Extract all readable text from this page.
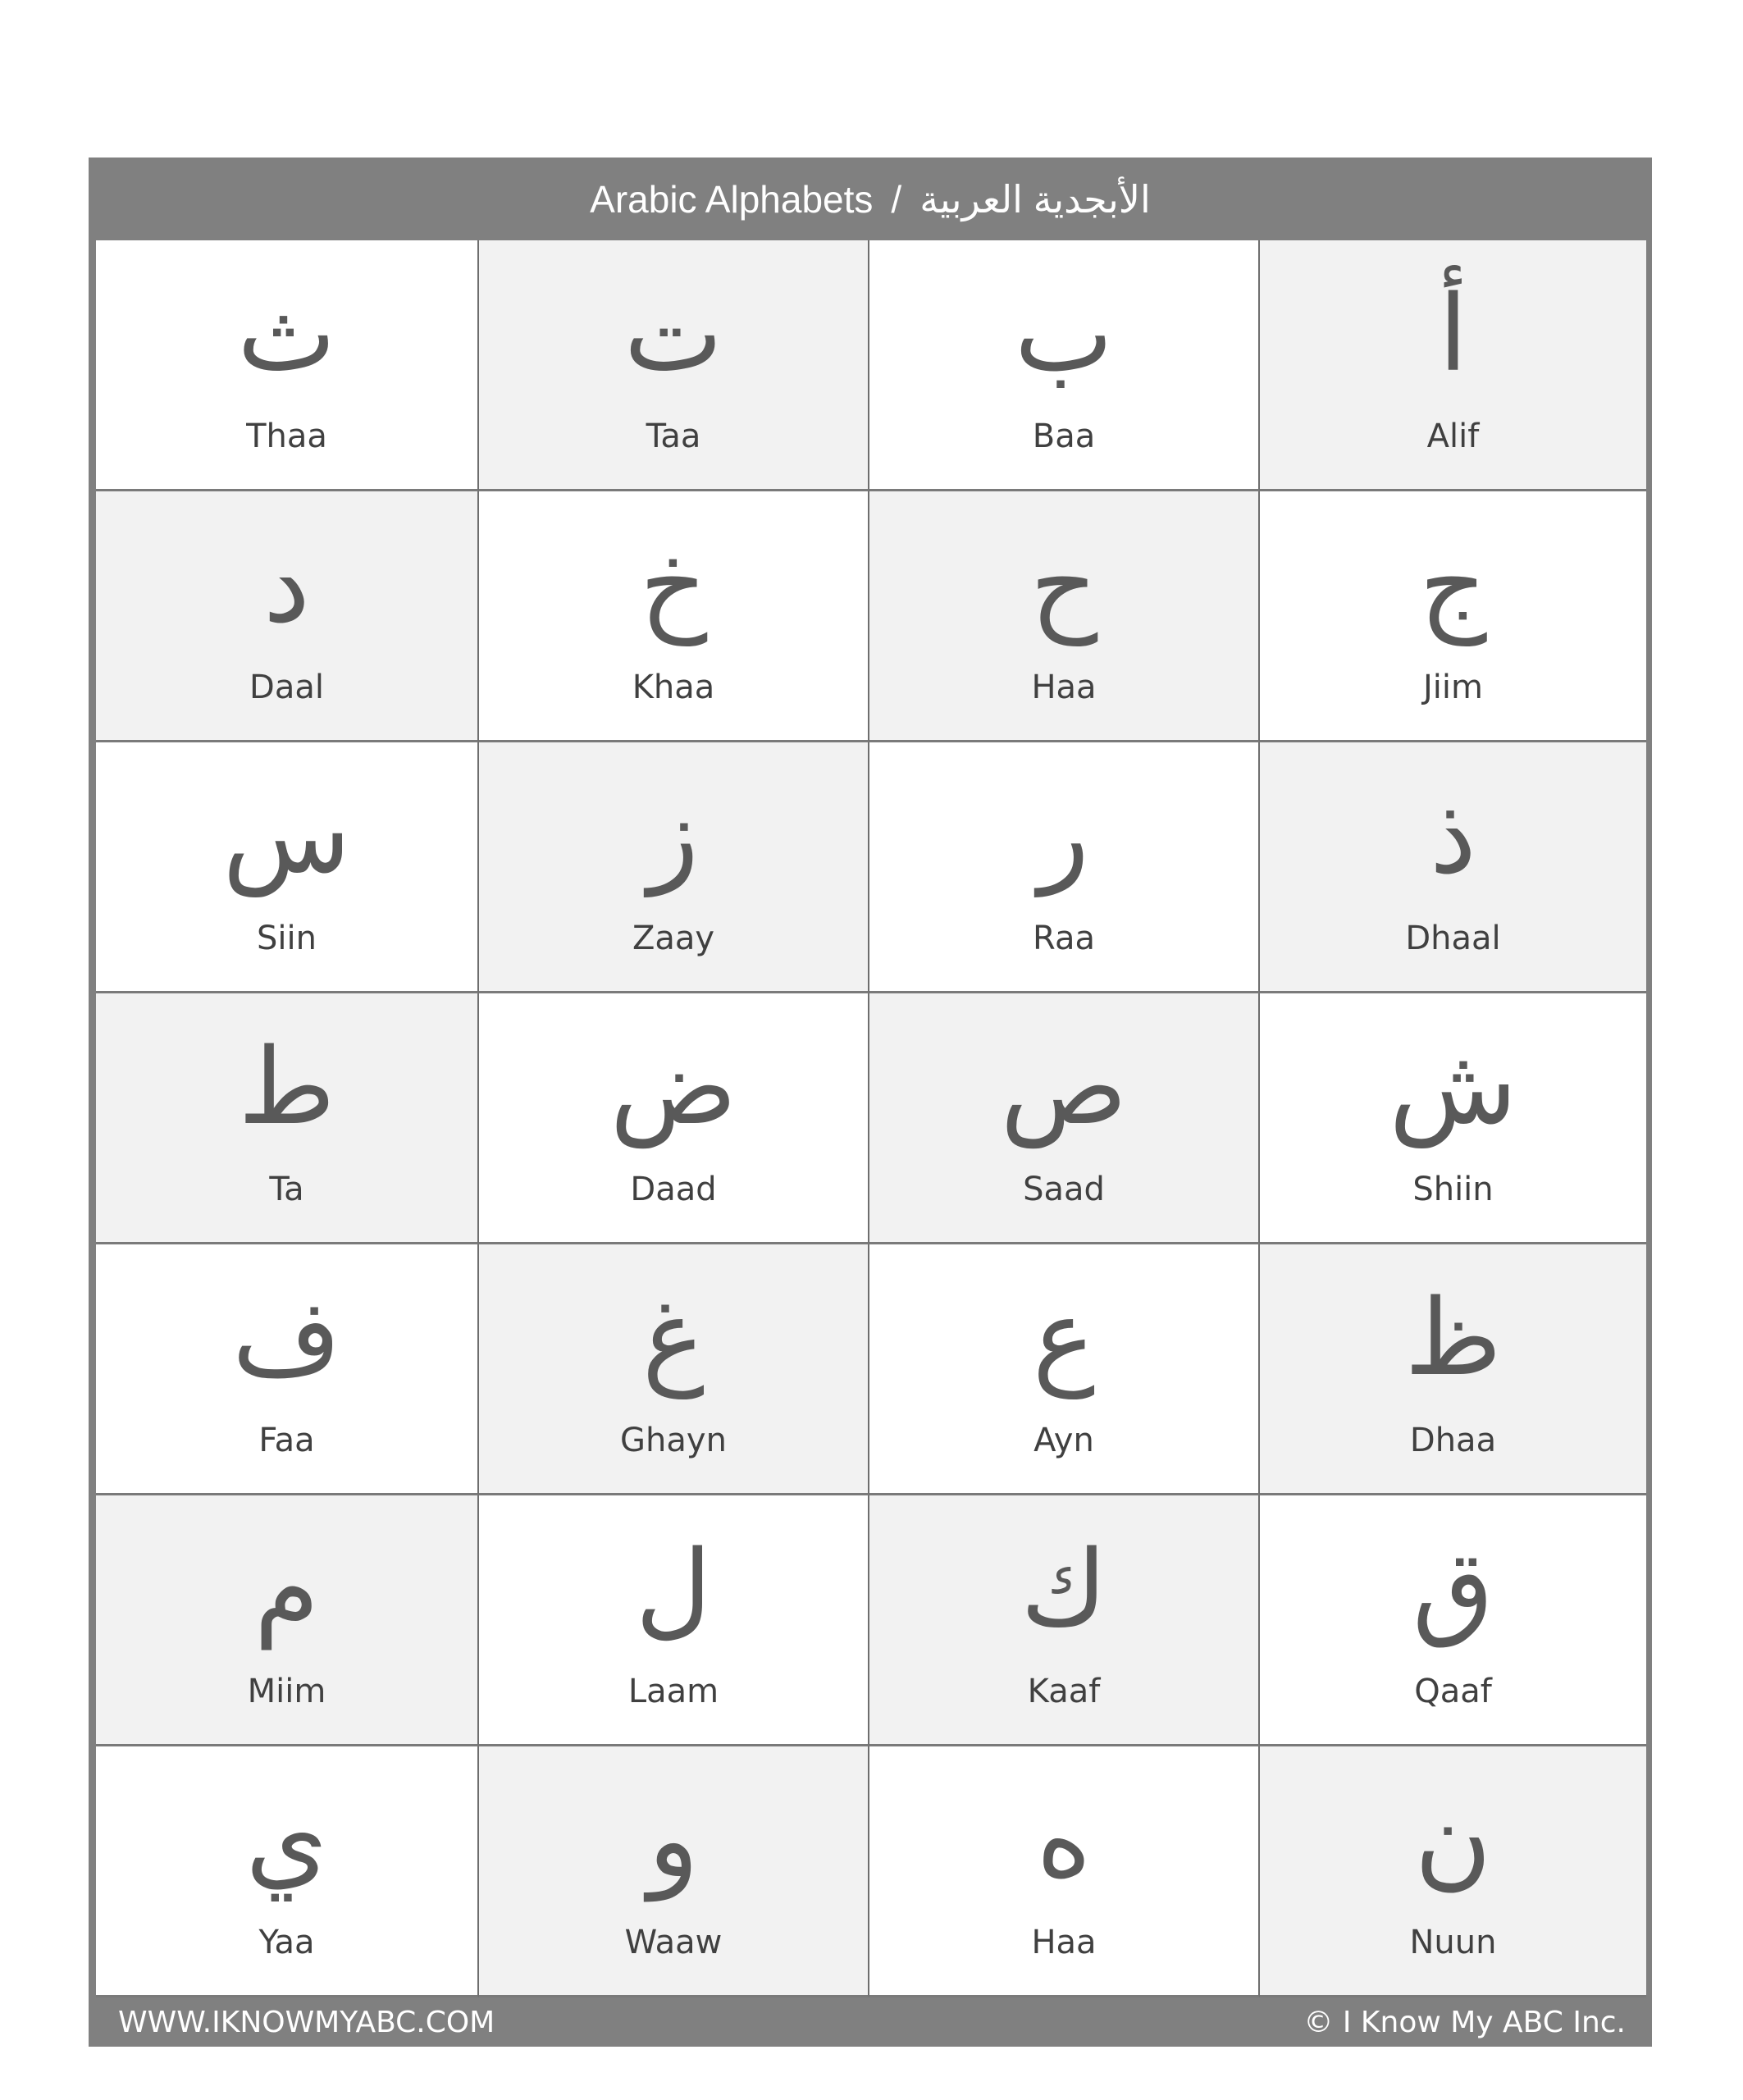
Arabic Alphabets / الأبجدية العربية
ث
Thaa
ت
Taa
ب
Baa
أ
Alif
د
Daal
خ
Khaa
ح
Haa
ج
Jiim
س
Siin
ز
Zaay
ر
Raa
ذ
Dhaal
ط
Ta
ض
Daad
ص
Saad
ش
Shiin
ف
Faa
غ
Ghayn
ع
Ayn
ظ
Dhaa
م
Miim
ل
Laam
ك
Kaaf
ق
Qaaf
ي
Yaa
و
Waaw
ه
Haa
ن
Nuun
WWW.IKNOWMYABC.COM	© I Know My ABC Inc.
